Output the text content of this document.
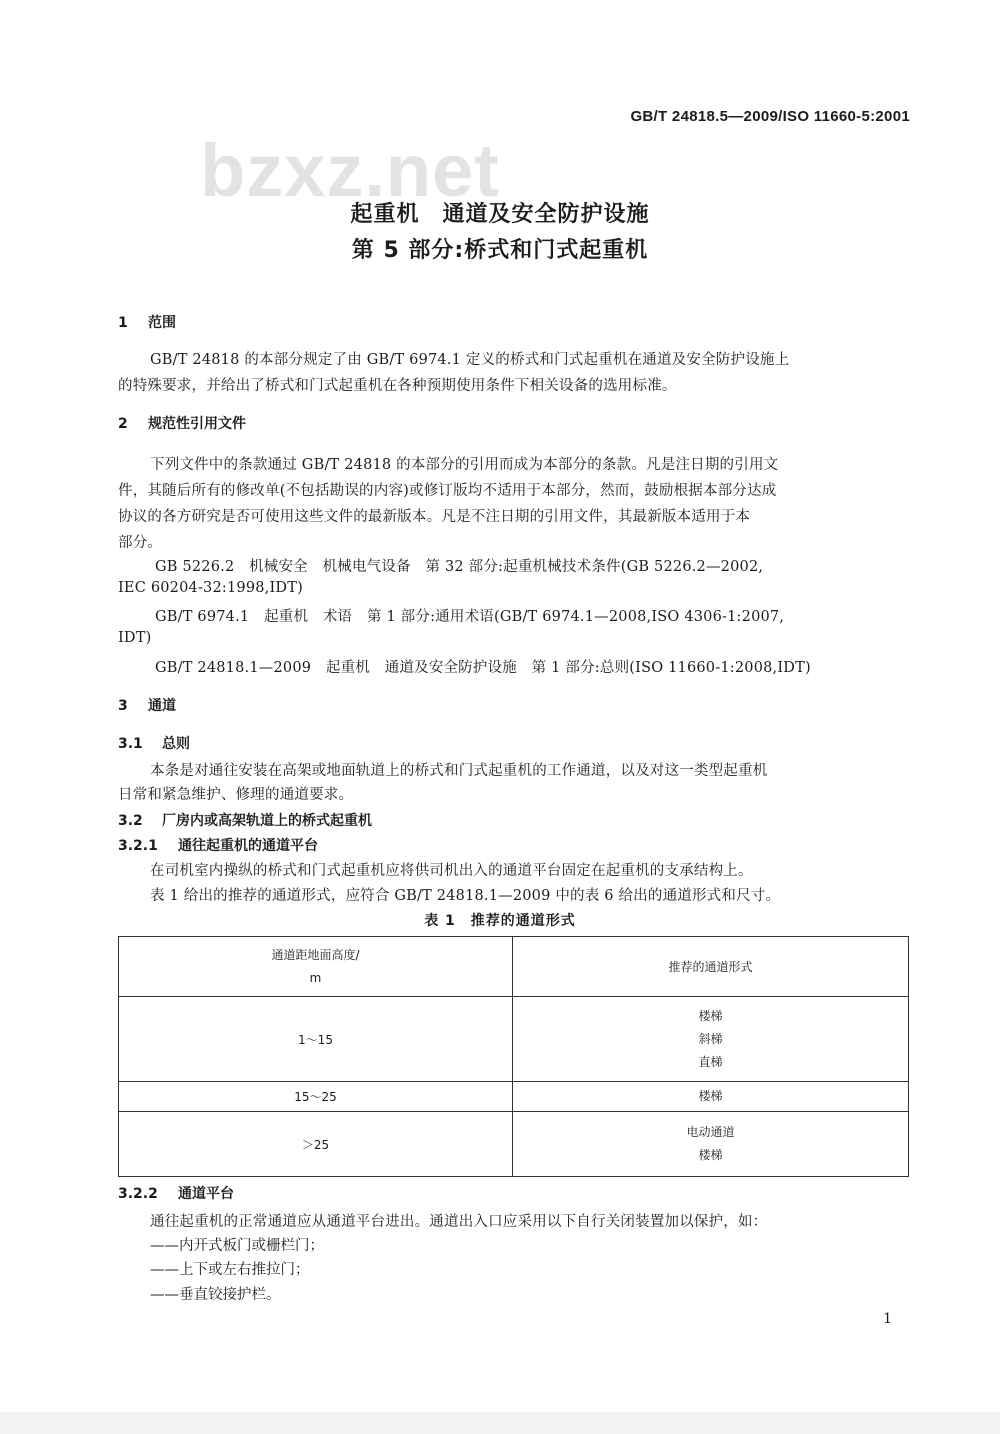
GB/T 24818.5—2009/ISO 11660-5:2001
bzxz.net
起重机　通道及安全防护设施
第 5 部分:桥式和门式起重机
1 范围
GB/T 24818 的本部分规定了由 GB/T 6974.1 定义的桥式和门式起重机在通道及安全防护设施上
的特殊要求，并给出了桥式和门式起重机在各种预期使用条件下相关设备的选用标准。
2 规范性引用文件
下列文件中的条款通过 GB/T 24818 的本部分的引用而成为本部分的条款。凡是注日期的引用文
件，其随后所有的修改单(不包括勘误的内容)或修订版均不适用于本部分，然而，鼓励根据本部分达成
协议的各方研究是否可使用这些文件的最新版本。凡是不注日期的引用文件，其最新版本适用于本
部分。
GB 5226.2　机械安全　机械电气设备　第 32 部分:起重机械技术条件(GB 5226.2—2002,
IEC 60204-32:1998,IDT)
GB/T 6974.1　起重机　术语　第 1 部分:通用术语(GB/T 6974.1—2008,ISO 4306-1:2007,
IDT)
GB/T 24818.1—2009　起重机　通道及安全防护设施　第 1 部分:总则(ISO 11660-1:2008,IDT)
3 通道
3.1 总则
本条是对通往安装在高架或地面轨道上的桥式和门式起重机的工作通道，以及对这一类型起重机
日常和紧急维护、修理的通道要求。
3.2 厂房内或高架轨道上的桥式起重机
3.2.1 通往起重机的通道平台
在司机室内操纵的桥式和门式起重机应将供司机出入的通道平台固定在起重机的支承结构上。
表 1 给出的推荐的通道形式，应符合 GB/T 24818.1—2009 中的表 6 给出的通道形式和尺寸。
表 1　推荐的通道形式
通道距地面高度/
m	推荐的通道形式
1～15	楼梯
斜梯
直梯

15～25	楼梯

＞25	电动通道
楼梯
3.2.2 通道平台
通往起重机的正常通道应从通道平台进出。通道出入口应采用以下自行关闭装置加以保护，如：
——内开式板门或栅栏门；
——上下或左右推拉门；
——垂直铰接护栏。
1
